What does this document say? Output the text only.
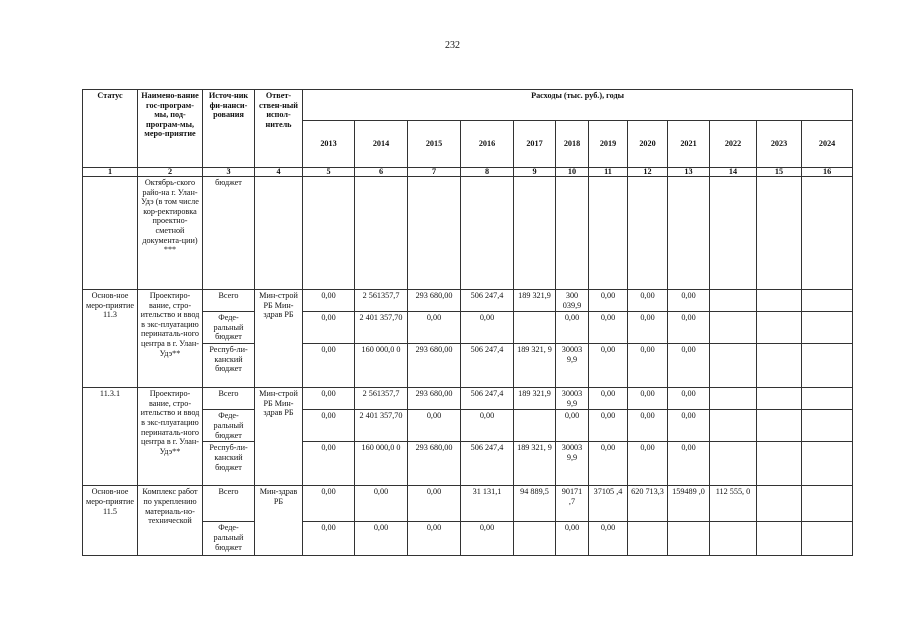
232
Статус	Наимено-вание гос-програм-мы, под-програм-мы, меро-приятие	Источ-ник фи-нанси-рования	Ответ-ствен-ный испол-нитель	Расходы (тыс. руб.), годы											
				2013	2014	2015	2016	2017	2018	2019	2020	2021	2022	2023	2024
1	2	3	4	5	6	7	8	9	10	11	12	13	14	15	16
	Октябрь-ского райо-на г. Улан-Удэ (в том числе кор-ректировка проектно-сметной документа-ции) ***	бюджет													
Основ-ное меро-приятие 11.3	Проектиро-вание, стро-ительство и ввод в экс-плуатацию перинаталь-ного центра в г. Улан-Удэ**	Всего	Мин-строй РБ Мин-здрав РБ	0,00	2 561357,7	293 680,00	506 247,4	189 321,9	300 039,9	0,00	0,00	0,00			
		Феде-ральный бюджет		0,00	2 401 357,70	0,00	0,00		0,00	0,00	0,00	0,00			
		Респуб-ли-канский бюджет		0,00	160 000,0 0	293 680,00	506 247,4	189 321, 9	30003 9,9	0,00	0,00	0,00			
11.3.1	Проектиро-вание, стро-ительство и ввод в экс-плуатацию перинаталь-ного центра в г. Улан-Удэ**	Всего	Мин-строй РБ Мин-здрав РБ	0,00	2 561357,7	293 680,00	506 247,4	189 321,9	30003 9,9	0,00	0,00	0,00			
		Феде-ральный бюджет		0,00	2 401 357,70	0,00	0,00		0,00	0,00	0,00	0,00			
		Респуб-ли-канский бюджет		0,00	160 000,0 0	293 680,00	506 247,4	189 321, 9	30003 9,9	0,00	0,00	0,00			
Основ-ное меро-приятие 11.5	Комплекс работ по укреплению материаль-но-технической	Всего	Мин-здрав РБ	0,00	0,00	0,00	31 131,1	94 889,5	90171 ,7	37105 ,4	620 713,3	159489 ,0	112 555, 0		
		Феде-ральный бюджет		0,00	0,00	0,00	0,00		0,00	0,00					
